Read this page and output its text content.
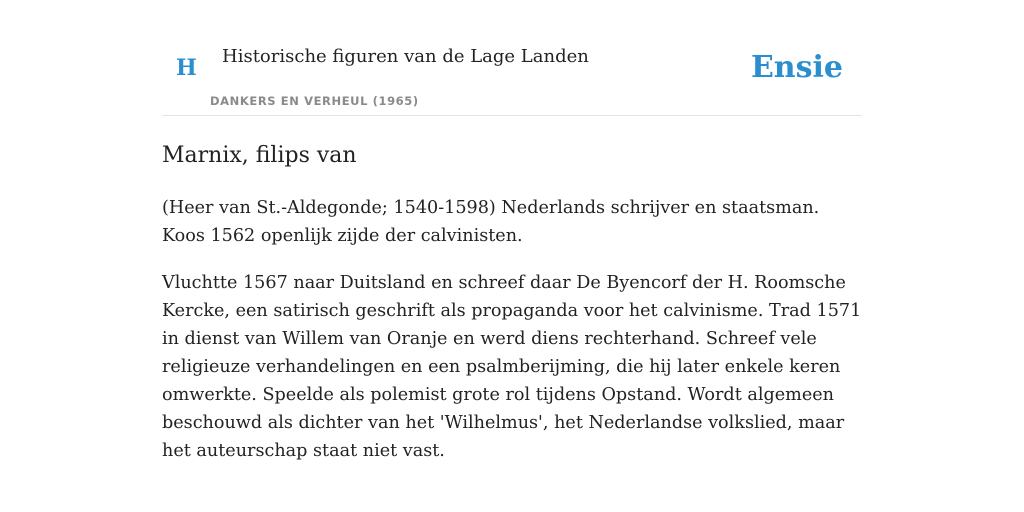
H Historische figuren van de Lage Landen
DANKERS EN VERHEUL (1965)
Ensie
Marnix, filips van

(Heer van St.-Aldegonde; 1540-1598) Nederlands schrijver en staatsman. Koos 1562 openlijk zijde der calvinisten.

Vluchtte 1567 naar Duitsland en schreef daar De Byencorf der H. Roomsche Kercke, een satirisch geschrift als propaganda voor het calvinisme. Trad 1571 in dienst van Willem van Oranje en werd diens rechterhand. Schreef vele religieuze verhandelingen en een psalmberijming, die hij later enkele keren omwerkte. Speelde als polemist grote rol tijdens Opstand. Wordt algemeen beschouwd als dichter van het 'Wilhelmus', het Nederlandse volkslied, maar het auteurschap staat niet vast.
